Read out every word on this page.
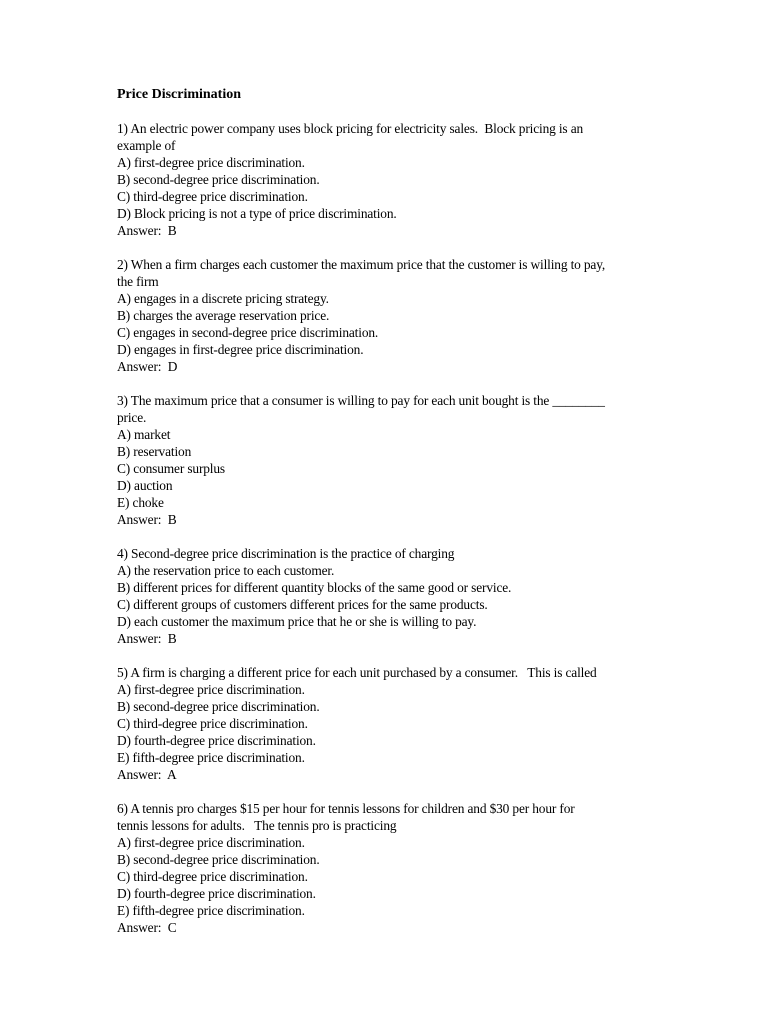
Price Discrimination
1) An electric power company uses block pricing for electricity sales.  Block pricing is an
example of
A) first-degree price discrimination.
B) second-degree price discrimination.
C) third-degree price discrimination.
D) Block pricing is not a type of price discrimination.
Answer:  B
2) When a firm charges each customer the maximum price that the customer is willing to pay,
the firm
A) engages in a discrete pricing strategy.
B) charges the average reservation price.
C) engages in second-degree price discrimination.
D) engages in first-degree price discrimination.
Answer:  D
3) The maximum price that a consumer is willing to pay for each unit bought is the ________
price.
A) market
B) reservation
C) consumer surplus
D) auction
E) choke
Answer:  B
4) Second-degree price discrimination is the practice of charging
A) the reservation price to each customer.
B) different prices for different quantity blocks of the same good or service.
C) different groups of customers different prices for the same products.
D) each customer the maximum price that he or she is willing to pay.
Answer:  B
5) A firm is charging a different price for each unit purchased by a consumer.   This is called
A) first-degree price discrimination.
B) second-degree price discrimination.
C) third-degree price discrimination.
D) fourth-degree price discrimination.
E) fifth-degree price discrimination.
Answer:  A
6) A tennis pro charges $15 per hour for tennis lessons for children and $30 per hour for
tennis lessons for adults.   The tennis pro is practicing
A) first-degree price discrimination.
B) second-degree price discrimination.
C) third-degree price discrimination.
D) fourth-degree price discrimination.
E) fifth-degree price discrimination.
Answer:  C
